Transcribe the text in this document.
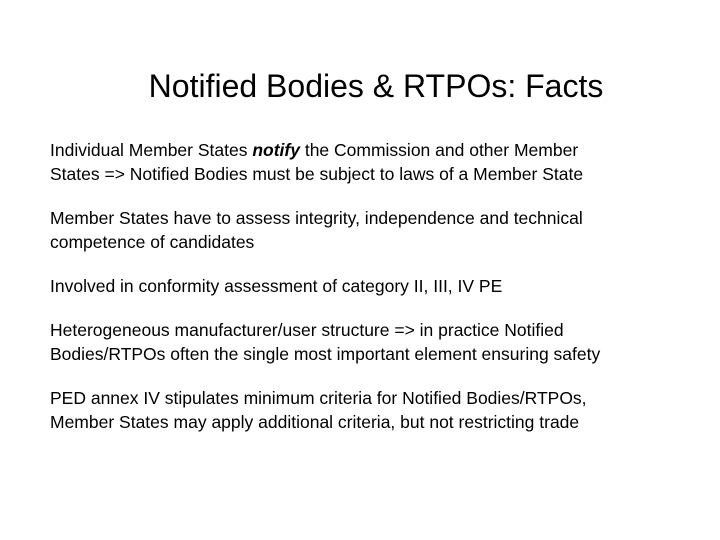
Notified Bodies & RTPOs: Facts
Individual Member States notify the Commission and other Member
States => Notified Bodies must be subject to laws of a Member State
Member States have to assess integrity, independence and technical
competence of candidates
Involved in conformity assessment of category II, III, IV PE
Heterogeneous manufacturer/user structure => in practice Notified
Bodies/RTPOs often the single most important element ensuring safety
PED annex IV stipulates minimum criteria for Notified Bodies/RTPOs,
Member States may apply additional criteria, but not restricting trade
